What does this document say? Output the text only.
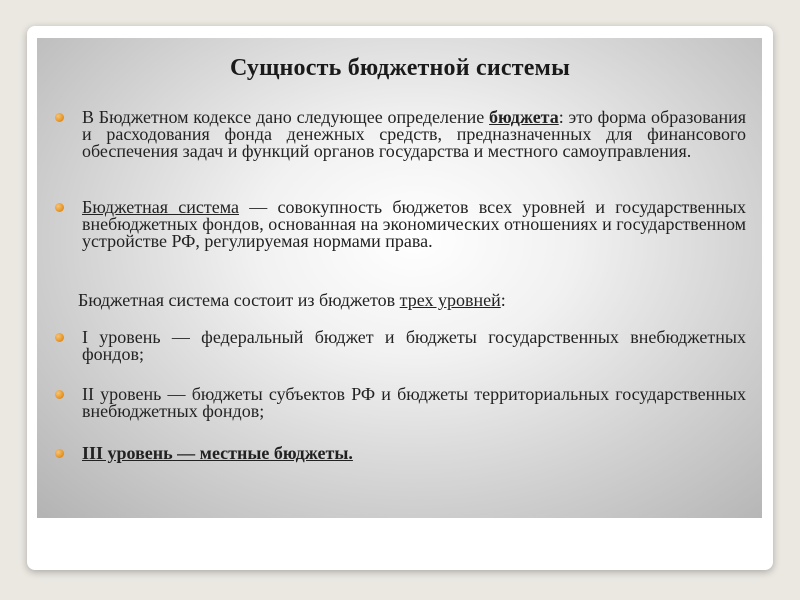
Сущность бюджетной системы
В Бюджетном кодексе дано следующее определение бюджета: это форма образования и расходования фонда денежных средств, предназначенных для финансового обеспечения задач и функций органов государства и местного самоуправления.
Бюджетная система — совокупность бюджетов всех уровней и государственных внебюджетных фондов, основанная на экономических отношениях и государственном устройстве РФ, регулируемая нормами права.
Бюджетная система состоит из бюджетов трех уровней:
I уровень — федеральный бюджет и бюджеты государственных внебюджетных фондов;
II уровень — бюджеты субъектов РФ и бюджеты территориальных государственных внебюджетных фондов;
III уровень — местные бюджеты.
